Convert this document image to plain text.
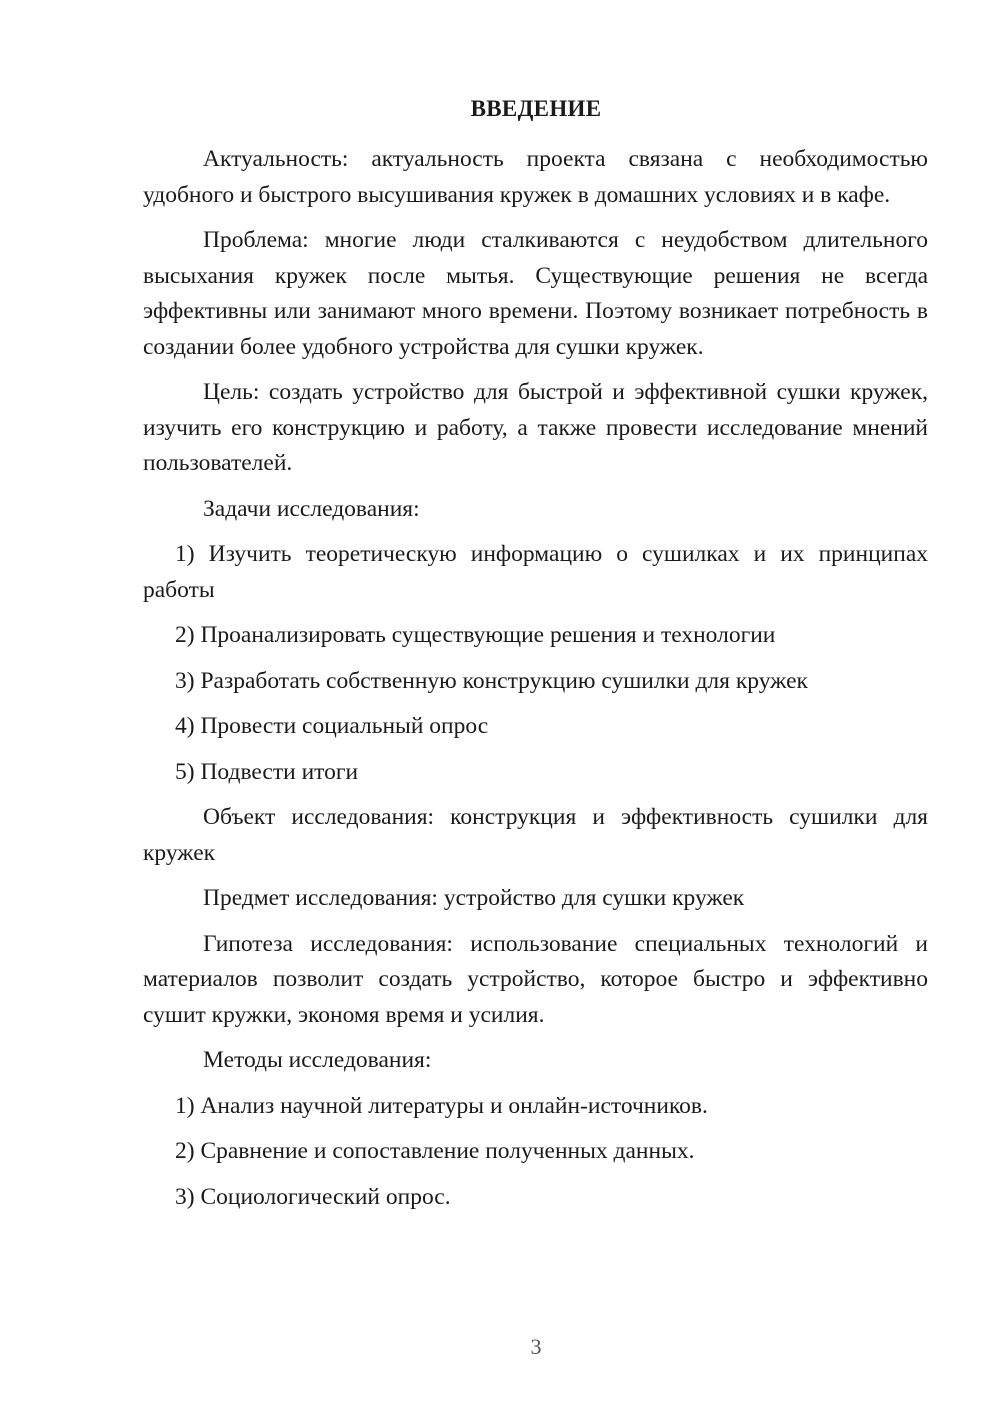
ВВЕДЕНИЕ

Актуальность: актуальность проекта связана с необходимостью удобного и быстрого высушивания кружек в домашних условиях и в кафе.

Проблема: многие люди сталкиваются с неудобством длительного высыхания кружек после мытья. Существующие решения не всегда эффективны или занимают много времени. Поэтому возникает потребность в создании более удобного устройства для сушки кружек.

Цель: создать устройство для быстрой и эффективной сушки кружек, изучить его конструкцию и работу, а также провести исследование мнений пользователей.

Задачи исследования:

1) Изучить теоретическую информацию о сушилках и их принципах работы

2) Проанализировать существующие решения и технологии

3) Разработать собственную конструкцию сушилки для кружек

4) Провести социальный опрос

5) Подвести итоги

Объект исследования: конструкция и эффективность сушилки для кружек

Предмет исследования: устройство для сушки кружек

Гипотеза исследования: использование специальных технологий и материалов позволит создать устройство, которое быстро и эффективно сушит кружки, экономя время и усилия.

Методы исследования:

1) Анализ научной литературы и онлайн-источников.

2) Сравнение и сопоставление полученных данных.

3) Социологический опрос.

3
